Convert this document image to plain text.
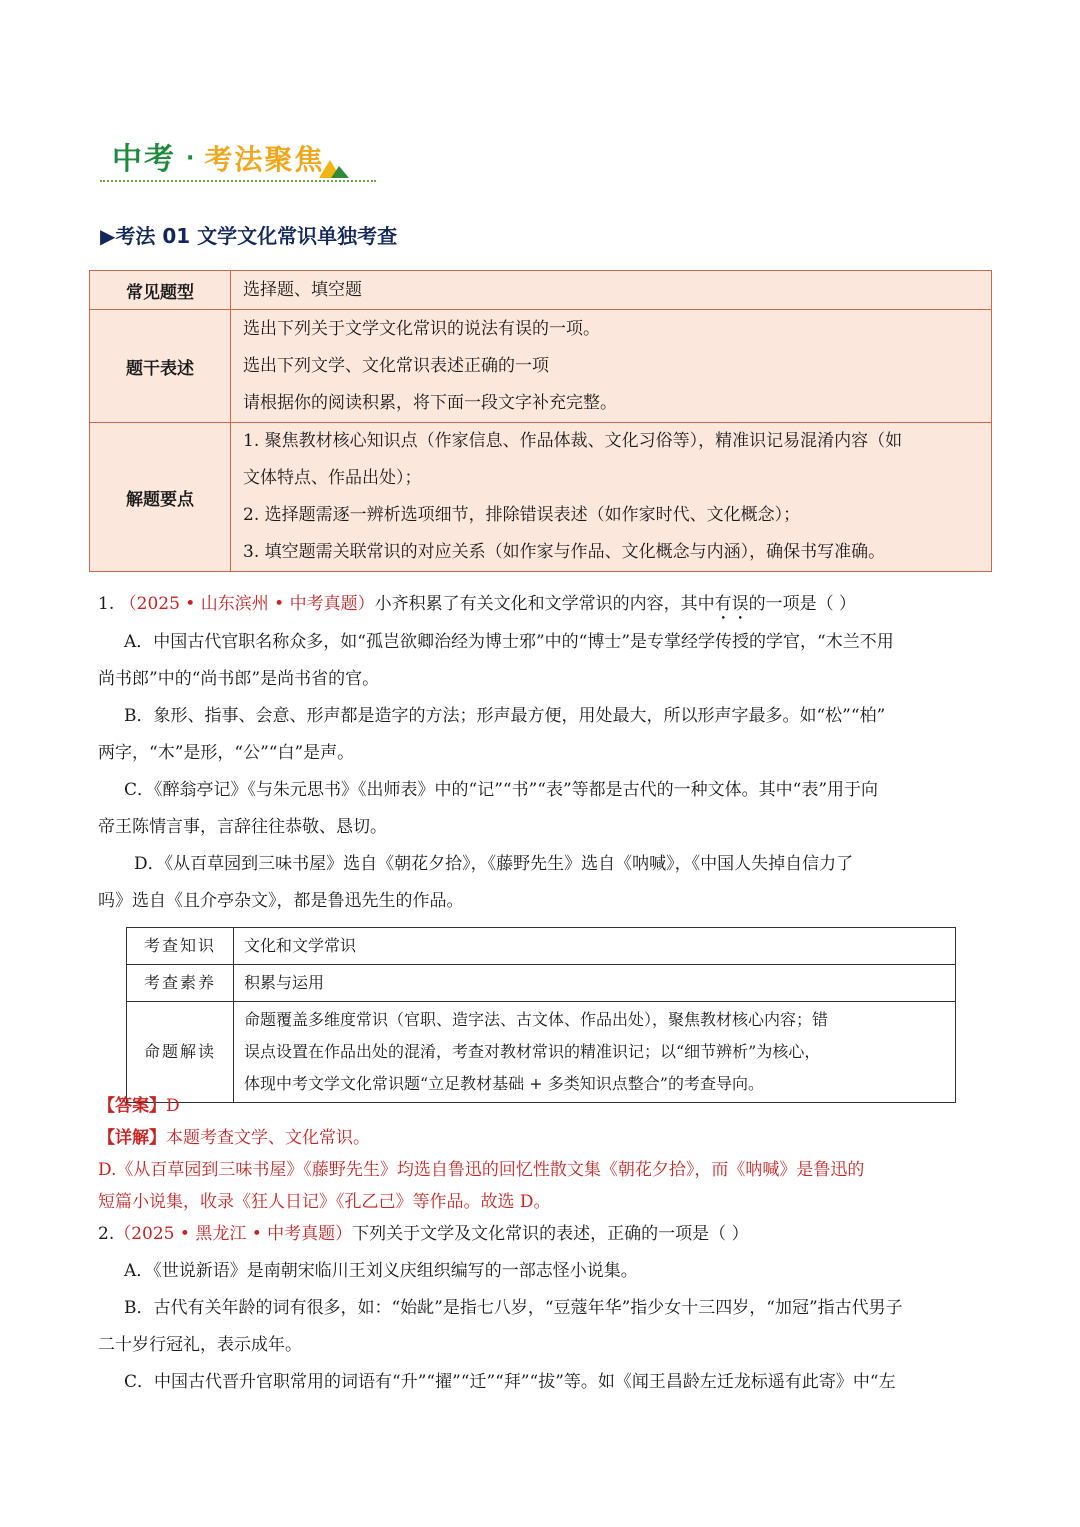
中考 · 考法聚焦
▶考法 01 文学文化常识单独考查
常见题型	选择题、填空题

题干表述	选出下列关于文学文化常识的说法有误的一项。
选出下列文学、文化常识表述正确的一项
请根据你的阅读积累，将下面一段文字补充完整。

解题要点	1. 聚焦教材核心知识点（作家信息、作品体裁、文化习俗等），精准识记易混淆内容（如
文体特点、作品出处）；
2. 选择题需逐一辨析选项细节，排除错误表述（如作家时代、文化概念）；
3. 填空题需关联常识的对应关系（如作家与作品、文化概念与内涵），确保书写准确。
1. （2025 • 山东滨州 • 中考真题）小齐积累了有关文化和文学常识的内容，其中有误的一项是（ ）
A．中国古代官职名称众多，如“孤岂欲卿治经为博士邪”中的“博士”是专掌经学传授的学官，“木兰不用
尚书郎”中的“尚书郎”是尚书省的官。
B．象形、指事、会意、形声都是造字的方法；形声最方便，用处最大，所以形声字最多。如“松”“柏”
两字，“木”是形，“公”“白”是声。
C．《醉翁亭记》《与朱元思书》《出师表》中的“记”“书”“表”等都是古代的一种文体。其中“表”用于向
帝王陈情言事，言辞往往恭敬、恳切。
D．《从百草园到三味书屋》选自《朝花夕拾》，《藤野先生》选自《呐喊》，《中国人失掉自信力了
吗》选自《且介亭杂文》，都是鲁迅先生的作品。
考查知识	文化和文学常识

考查素养	积累与运用

命题解读	命题覆盖多维度常识（官职、造字法、古文体、作品出处），聚焦教材核心内容；错
误点设置在作品出处的混淆，考查对教材常识的精准识记；以“细节辨析”为核心，
体现中考文学文化常识题“立足教材基础 + 多类知识点整合”的考查导向。
【答案】D
【详解】本题考查文学、文化常识。
D.《从百草园到三味书屋》《藤野先生》均选自鲁迅的回忆性散文集《朝花夕拾》，而《呐喊》是鲁迅的
短篇小说集，收录《狂人日记》《孔乙己》等作品。故选 D。
2.（2025 • 黑龙江 • 中考真题）下列关于文学及文化常识的表述，正确的一项是（ ）
A．《世说新语》是南朝宋临川王刘义庆组织编写的一部志怪小说集。
B．古代有关年龄的词有很多，如：“始龀”是指七八岁，“豆蔻年华”指少女十三四岁，“加冠”指古代男子
二十岁行冠礼，表示成年。
C．中国古代晋升官职常用的词语有“升”“擢”“迁”“拜”“拔”等。如《闻王昌龄左迁龙标遥有此寄》中“左
